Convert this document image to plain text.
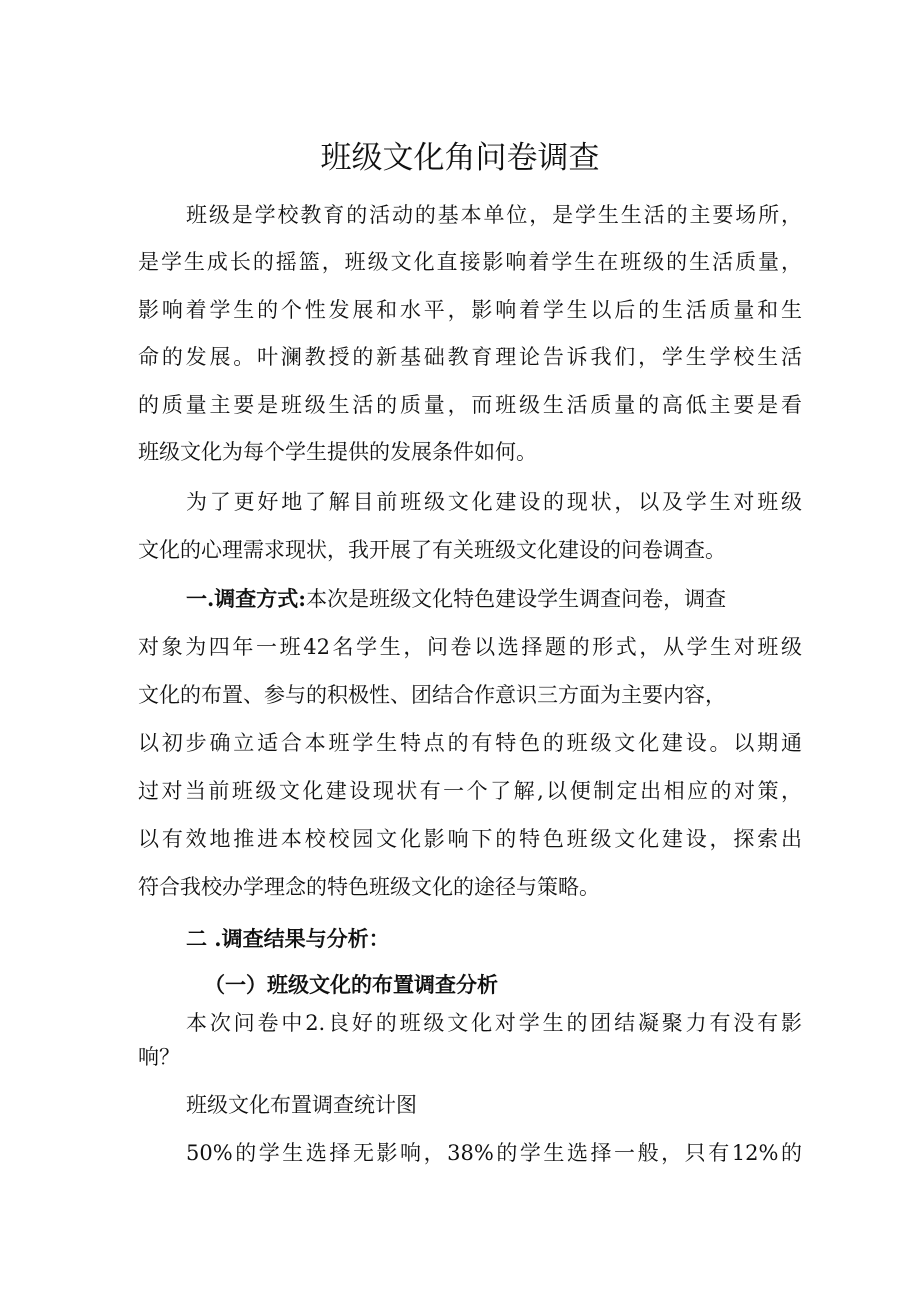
班级文化角问卷调查

班级是学校教育的活动的基本单位，是学生生活的主要场所，

是学生成长的摇篮，班级文化直接影响着学生在班级的生活质量，

影响着学生的个性发展和水平，影响着学生以后的生活质量和生

命的发展。叶澜教授的新基础教育理论告诉我们，学生学校生活

的质量主要是班级生活的质量，而班级生活质量的高低主要是看

班级文化为每个学生提供的发展条件如何。

为了更好地了解目前班级文化建设的现状，以及学生对班级

文化的心理需求现状，我开展了有关班级文化建设的问卷调查。

一.调查方式:本次是班级文化特色建设学生调查问卷，调查

对象为四年一班42名学生，问卷以选择题的形式，从学生对班级

文化的布置、参与的积极性、团结合作意识三方面为主要内容，

以初步确立适合本班学生特点的有特色的班级文化建设。以期通

过对当前班级文化建设现状有一个了解,以便制定出相应的对策，

以有效地推进本校校园文化影响下的特色班级文化建设，探索出

符合我校办学理念的特色班级文化的途径与策略。

二 .调查结果与分析：

（一）班级文化的布置调查分析

本次问卷中2.良好的班级文化对学生的团结凝聚力有没有影

响？

班级文化布置调查统计图

50%的学生选择无影响，38%的学生选择一般，只有12%的
